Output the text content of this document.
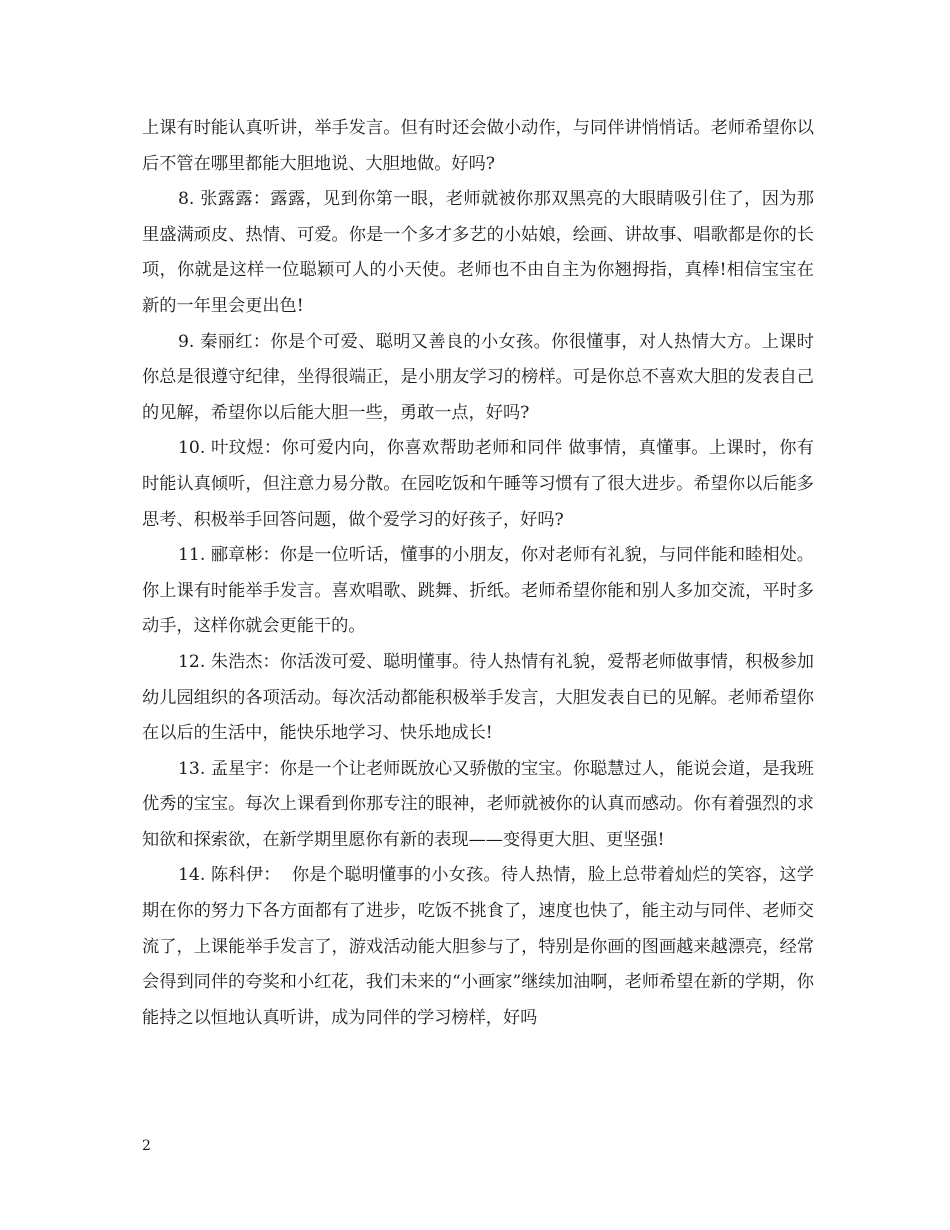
上课有时能认真听讲，举手发言。但有时还会做小动作，与同伴讲悄悄话。老师希望你以后不管在哪里都能大胆地说、大胆地做。好吗?

8. 张露露：露露，见到你第一眼，老师就被你那双黑亮的大眼睛吸引住了，因为那里盛满顽皮、热情、可爱。你是一个多才多艺的小姑娘，绘画、讲故事、唱歌都是你的长项，你就是这样一位聪颖可人的小天使。老师也不由自主为你翘拇指，真棒!相信宝宝在新的一年里会更出色!

9. 秦丽红：你是个可爱、聪明又善良的小女孩。你很懂事，对人热情大方。上课时你总是很遵守纪律，坐得很端正，是小朋友学习的榜样。可是你总不喜欢大胆的发表自己的见解，希望你以后能大胆一些，勇敢一点，好吗?

10. 叶玟煜：你可爱内向，你喜欢帮助老师和同伴 做事情，真懂事。上课时，你有时能认真倾听，但注意力易分散。在园吃饭和午睡等习惯有了很大进步。希望你以后能多思考、积极举手回答问题，做个爱学习的好孩子，好吗?

11. 郦章彬：你是一位听话，懂事的小朋友，你对老师有礼貌，与同伴能和睦相处。你上课有时能举手发言。喜欢唱歌、跳舞、折纸。老师希望你能和别人多加交流，平时多动手，这样你就会更能干的。

12. 朱浩杰：你活泼可爱、聪明懂事。待人热情有礼貌，爱帮老师做事情，积极参加幼儿园组织的各项活动。每次活动都能积极举手发言，大胆发表自已的见解。老师希望你在以后的生活中，能快乐地学习、快乐地成长!

13. 孟星宇：你是一个让老师既放心又骄傲的宝宝。你聪慧过人，能说会道，是我班优秀的宝宝。每次上课看到你那专注的眼神，老师就被你的认真而感动。你有着强烈的求知欲和探索欲，在新学期里愿你有新的表现——变得更大胆、更坚强!

14. 陈科伊：  你是个聪明懂事的小女孩。待人热情，脸上总带着灿烂的笑容，这学期在你的努力下各方面都有了进步，吃饭不挑食了，速度也快了，能主动与同伴、老师交流了，上课能举手发言了，游戏活动能大胆参与了，特别是你画的图画越来越漂亮，经常会得到同伴的夸奖和小红花，我们未来的“小画家”继续加油啊，老师希望在新的学期，你能持之以恒地认真听讲，成为同伴的学习榜样，好吗

2
